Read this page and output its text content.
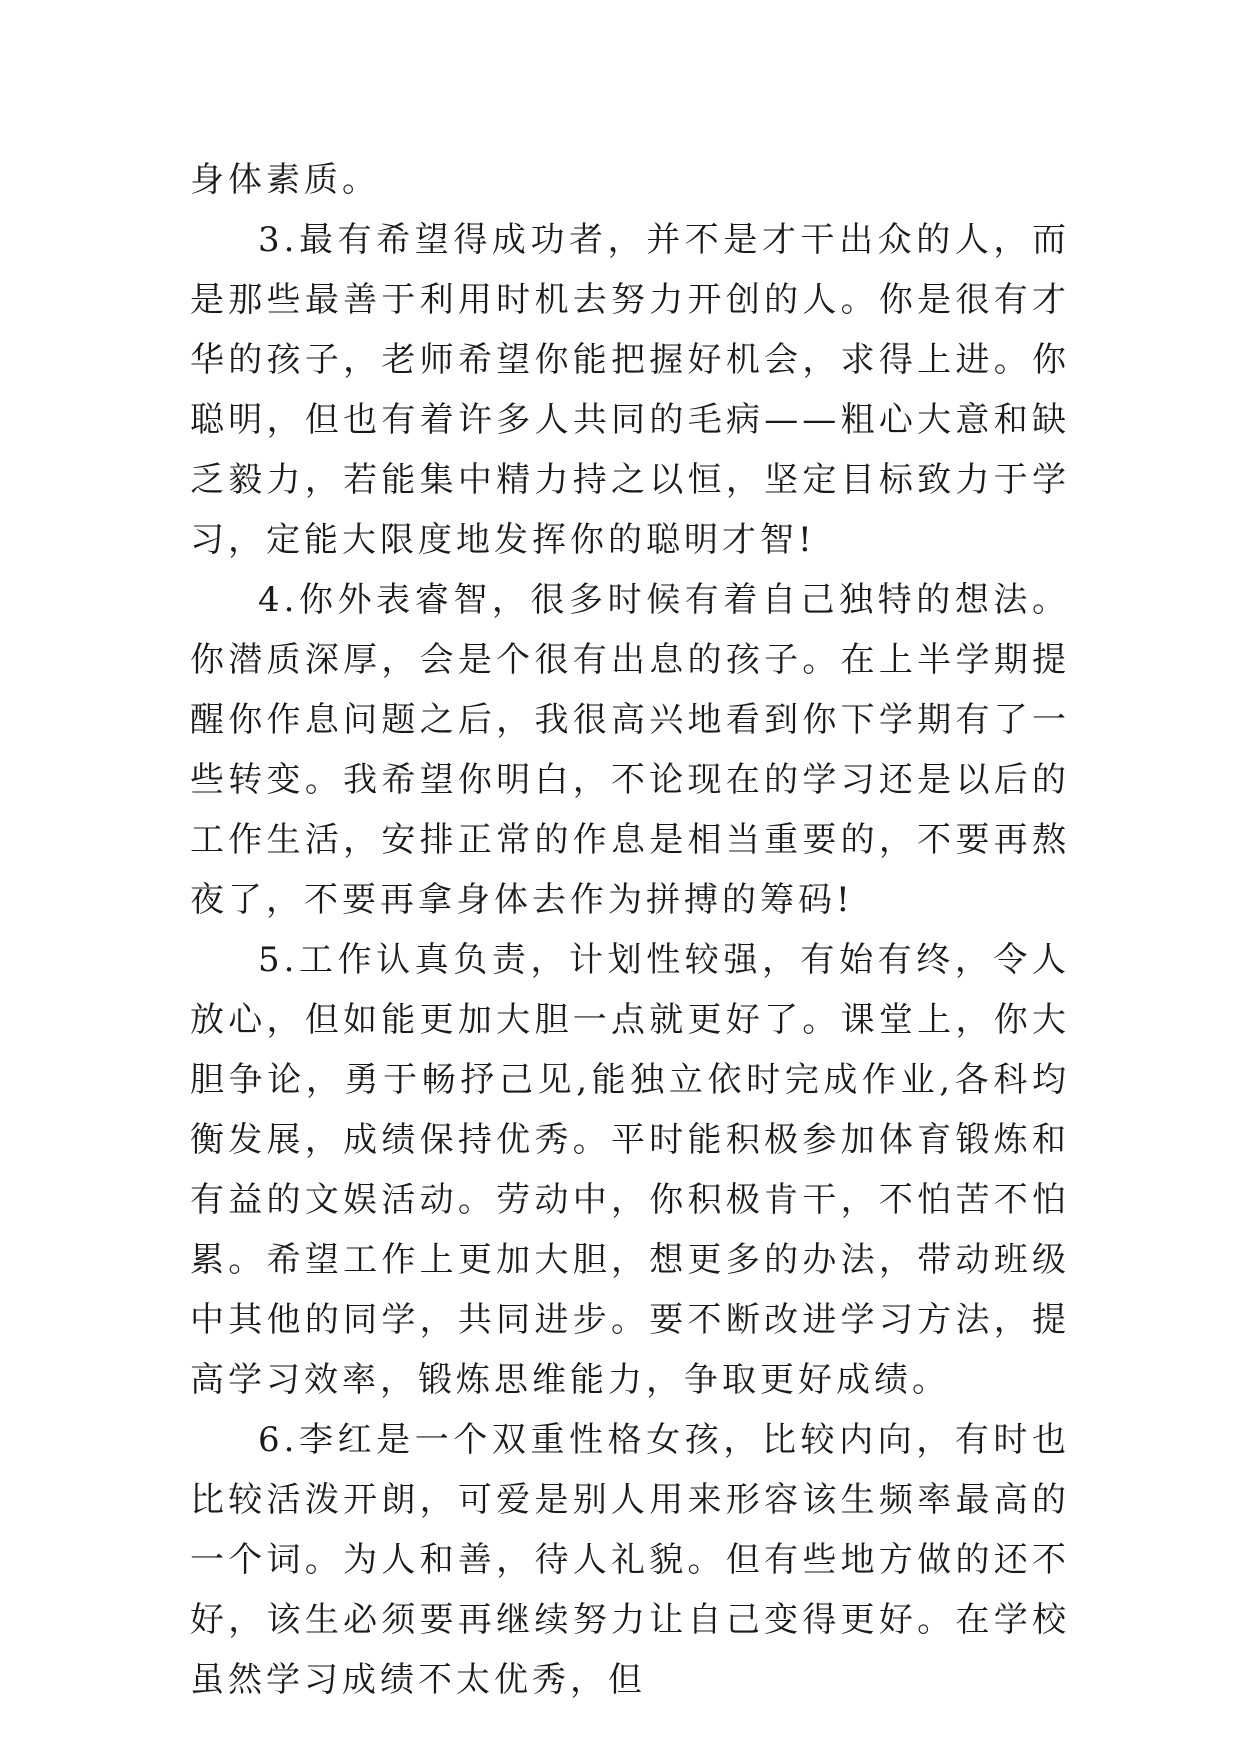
身体素质。

3.最有希望得成功者，并不是才干出众的人，而是那些最善于利用时机去努力开创的人。你是很有才华的孩子，老师希望你能把握好机会，求得上进。你聪明，但也有着许多人共同的毛病——粗心大意和缺乏毅力，若能集中精力持之以恒，坚定目标致力于学习，定能大限度地发挥你的聪明才智!

4.你外表睿智，很多时候有着自己独特的想法。你潜质深厚，会是个很有出息的孩子。在上半学期提醒你作息问题之后，我很高兴地看到你下学期有了一些转变。我希望你明白，不论现在的学习还是以后的工作生活，安排正常的作息是相当重要的，不要再熬夜了，不要再拿身体去作为拼搏的筹码!

5.工作认真负责，计划性较强，有始有终，令人放心，但如能更加大胆一点就更好了。课堂上，你大胆争论，勇于畅抒己见,能独立依时完成作业,各科均衡发展，成绩保持优秀。平时能积极参加体育锻炼和有益的文娱活动。劳动中，你积极肯干，不怕苦不怕累。希望工作上更加大胆，想更多的办法，带动班级中其他的同学，共同进步。要不断改进学习方法，提高学习效率，锻炼思维能力，争取更好成绩。

6.李红是一个双重性格女孩，比较内向，有时也比较活泼开朗，可爱是别人用来形容该生频率最高的一个词。为人和善，待人礼貌。但有些地方做的还不好，该生必须要再继续努力让自己变得更好。在学校虽然学习成绩不太优秀，但
